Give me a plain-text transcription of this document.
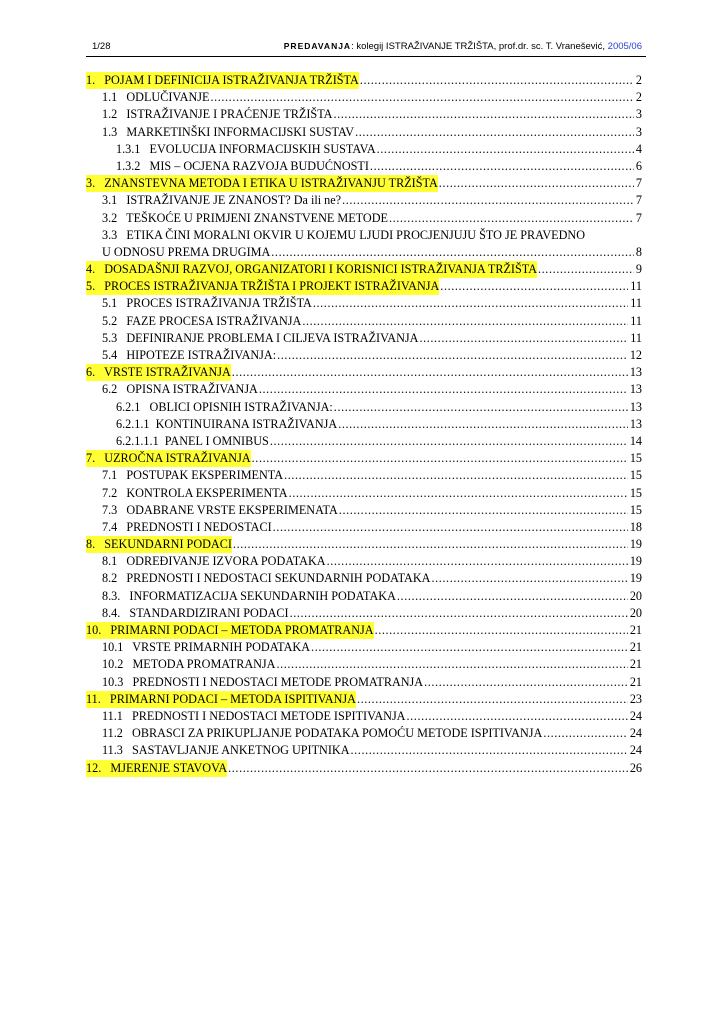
1/28	PREDAVANJA: kolegij ISTRAŽIVANJE TRŽIŠTA, prof.dr. sc. T. Vranešević, 2005/06
1.   POJAM I DEFINICIJA ISTRAŽIVANJA TRŽIŠTA .....	2
1.1   ODLUČIVANJE .....	2
1.2   ISTRAŽIVANJE I PRAĆENJE TRŽIŠTA .....	3
1.3   MARKETINŠKI INFORMACIJSKI SUSTAV .....	3
1.3.1   EVOLUCIJA INFORMACIJSKIH SUSTAVA .....	4
1.3.2   MIS – OCJENA RAZVOJA BUDUĆNOSTI .....	6
3.   ZNANSTEVNA METODA I ETIKA U ISTRAŽIVANJU TRŽIŠTA .....	7
3.1   ISTRAŽIVANJE JE ZNANOST? Da ili ne? .....	7
3.2   TEŠKOĆE U PRIMJENI ZNANSTVENE METODE .....	7
3.3   ETIKA ČINI MORALNI OKVIR U KOJEMU LJUDI PROCJENJUJU ŠTO JE PRAVEDNO
U ODNOSU PREMA DRUGIMA .....	8
4.   DOSADAŠNJI RAZVOJ, ORGANIZATORI I KORISNICI ISTRAŽIVANJA TRŽIŠTA .....	9
5.   PROCES ISTRAŽIVANJA TRŽIŠTA I PROJEKT ISTRAŽIVANJA .....	11
5.1   PROCES ISTRAŽIVANJA TRŽIŠTA .....	11
5.2   FAZE PROCESA ISTRAŽIVANJA .....	11
5.3   DEFINIRANJE PROBLEMA I CILJEVA ISTRAŽIVANJA .....	11
5.4   HIPOTEZE ISTRAŽIVANJA: .....	12
6.   VRSTE ISTRAŽIVANJA .....	13
6.2   OPISNA ISTRAŽIVANJA .....	13
6.2.1   OBLICI OPISNIH ISTRAŽIVANJA: .....	13
6.2.1.1  KONTINUIRANA ISTRAŽIVANJA .....	13
6.2.1.1.1  PANEL I OMNIBUS .....	14
7.   UZROČNA ISTRAŽIVANJA .....	15
7.1   POSTUPAK EKSPERIMENTA .....	15
7.2   KONTROLA EKSPERIMENTA .....	15
7.3   ODABRANE VRSTE EKSPERIMENATA .....	15
7.4   PREDNOSTI I NEDOSTACI .....	18
8.   SEKUNDARNI PODACI .....	19
8.1   ODREĐIVANJE IZVORA PODATAKA .....	19
8.2   PREDNOSTI I NEDOSTACI SEKUNDARNIH PODATAKA .....	19
8.3.   INFORMATIZACIJA SEKUNDARNIH PODATAKA .....	20
8.4.   STANDARDIZIRANI PODACI .....	20
10.   PRIMARNI PODACI – METODA PROMATRANJA .....	21
10.1   VRSTE PRIMARNIH PODATAKA .....	21
10.2   METODA PROMATRANJA .....	21
10.3   PREDNOSTI I NEDOSTACI METODE PROMATRANJA .....	21
11.   PRIMARNI PODACI – METODA ISPITIVANJA .....	23
11.1   PREDNOSTI I NEDOSTACI METODE ISPITIVANJA .....	24
11.2   OBRASCI ZA PRIKUPLJANJE PODATAKA POMOĆU METODE ISPITIVANJA .....	24
11.3   SASTAVLJANJE ANKETNOG UPITNIKA .....	24
12.   MJERENJE STAVOVA .....	26
